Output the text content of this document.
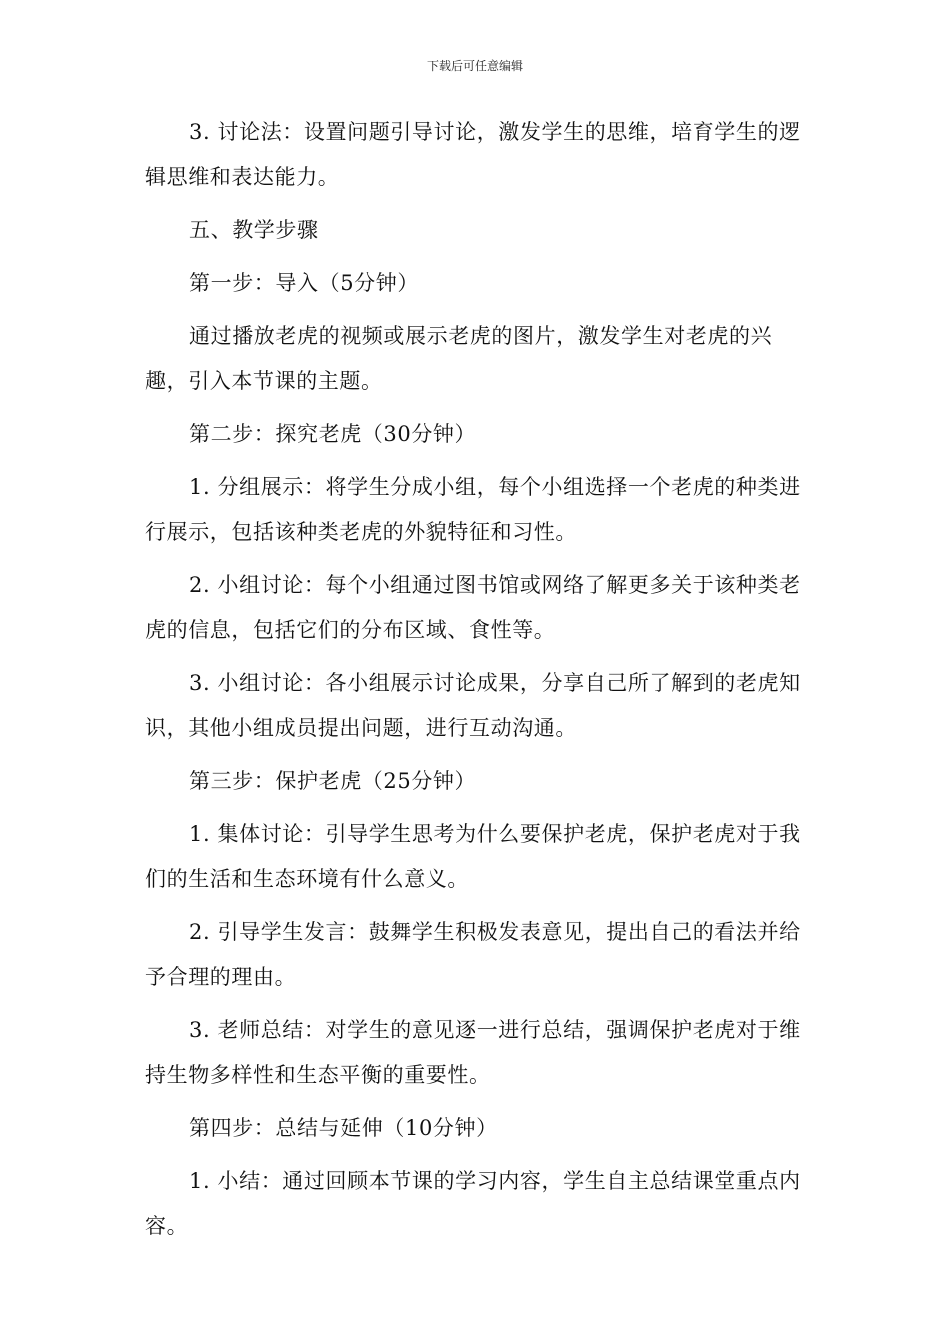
下载后可任意编辑

3. 讨论法：设置问题引导讨论，激发学生的思维，培育学生的逻辑思维和表达能力。

五、教学步骤

第一步：导入（5分钟）

通过播放老虎的视频或展示老虎的图片，激发学生对老虎的兴趣，引入本节课的主题。

第二步：探究老虎（30分钟）

1. 分组展示：将学生分成小组，每个小组选择一个老虎的种类进行展示，包括该种类老虎的外貌特征和习性。

2. 小组讨论：每个小组通过图书馆或网络了解更多关于该种类老虎的信息，包括它们的分布区域、食性等。

3. 小组讨论：各小组展示讨论成果，分享自己所了解到的老虎知识，其他小组成员提出问题，进行互动沟通。

第三步：保护老虎（25分钟）

1. 集体讨论：引导学生思考为什么要保护老虎，保护老虎对于我们的生活和生态环境有什么意义。

2. 引导学生发言：鼓舞学生积极发表意见，提出自己的看法并给予合理的理由。

3. 老师总结：对学生的意见逐一进行总结，强调保护老虎对于维持生物多样性和生态平衡的重要性。

第四步：总结与延伸（10分钟）

1. 小结：通过回顾本节课的学习内容，学生自主总结课堂重点内容。
